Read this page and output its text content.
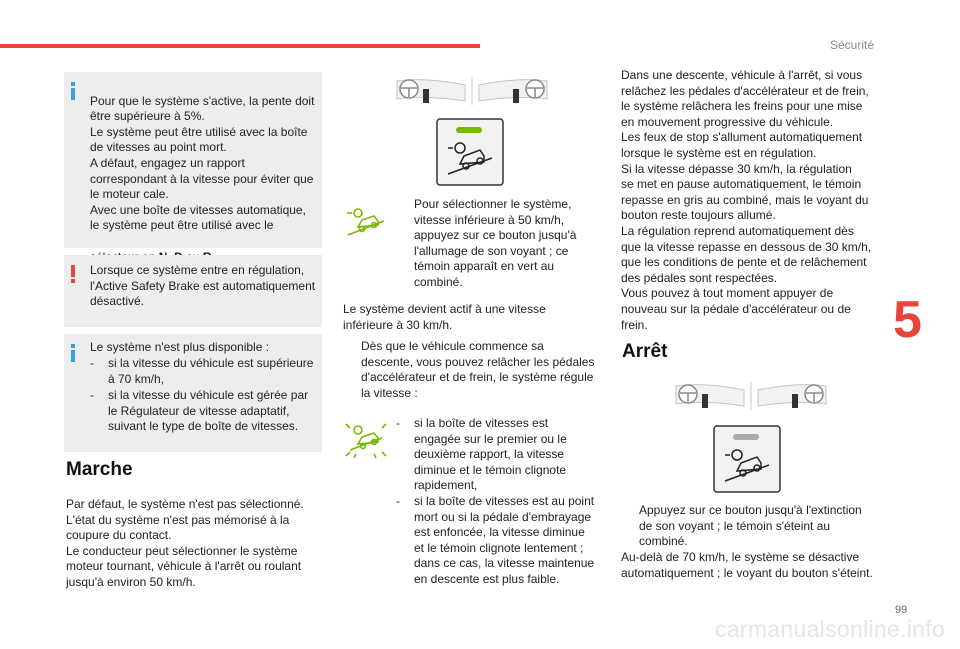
Sécurité
5

Pour que le système s'active, la pente doit
être supérieure à 5%.
Le système peut être utilisé avec la boîte
de vitesses au point mort.
A défaut, engagez un rapport
correspondant à la vitesse pour éviter que
le moteur cale.
Avec une boîte de vitesses automatique,
le système peut être utilisé avec le

Lorsque ce système entre en régulation,
l'Active Safety Brake est automatiquement
désactivé.
Le système n'est plus disponible :
- si la vitesse du véhicule est supérieure
à 70 km/h,
- si la vitesse du véhicule est gérée par
le Régulateur de vitesse adaptatif,
suivant le type de boîte de vitesses.
Marche
Par défaut, le système n'est pas sélectionné.
L'état du système n'est pas mémorisé à la
coupure du contact.
Le conducteur peut sélectionner le système
moteur tournant, véhicule à l'arrêt ou roulant
jusqu'à environ 50 km/h.
Pour sélectionner le système,
vitesse inférieure à 50 km/h,
appuyez sur ce bouton jusqu'à
l'allumage de son voyant ; ce
témoin apparaît en vert au
combiné.
Le système devient actif à une vitesse
inférieure à 30 km/h.
Dès que le véhicule commence sa
descente, vous pouvez relâcher les pédales
d'accélérateur et de frein, le système régule
la vitesse :
- si la boîte de vitesses est
engagée sur le premier ou le
deuxième rapport, la vitesse
diminue et le témoin clignote
rapidement,
- si la boîte de vitesses est au point
mort ou si la pédale d'embrayage
est enfoncée, la vitesse diminue
et le témoin clignote lentement ;
dans ce cas, la vitesse maintenue
en descente est plus faible.
Dans une descente, véhicule à l'arrêt, si vous
relâchez les pédales d'accélérateur et de frein,
le système relâchera les freins pour une mise
en mouvement progressive du véhicule.
Les feux de stop s'allument automatiquement
lorsque le système est en régulation.
Si la vitesse dépasse 30 km/h, la régulation
se met en pause automatiquement, le témoin
repasse en gris au combiné, mais le voyant du
bouton reste toujours allumé.
La régulation reprend automatiquement dès
que la vitesse repasse en dessous de 30 km/h,
que les conditions de pente et de relâchement
des pédales sont respectées.
Vous pouvez à tout moment appuyer de
nouveau sur la pédale d'accélérateur ou de
frein.
Arrêt
Appuyez sur ce bouton jusqu'à l'extinction
de son voyant ; le témoin s'éteint au
combiné.
Au-delà de 70 km/h, le système se désactive
automatiquement ; le voyant du bouton s'éteint.
99
carmanualsonline.info
